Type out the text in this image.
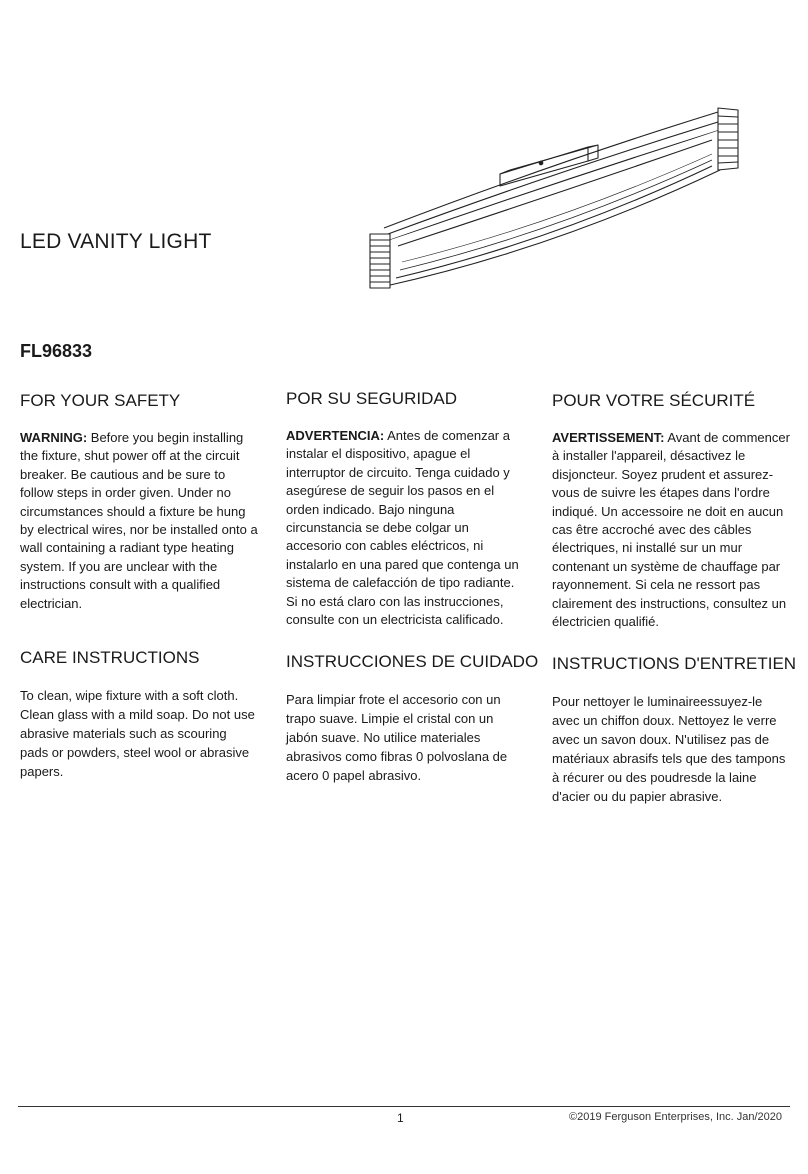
LED VANITY LIGHT
FL96833

FOR YOUR SAFETY

WARNING: Before you begin installing the fixture, shut power off at the circuit breaker. Be cautious and be sure to follow steps in order given. Under no circumstances should a fixture be hung by electrical wires, nor be installed onto a wall containing a radiant type heating system. If you are unclear with the instructions consult with a qualified electrician.

CARE INSTRUCTIONS

To clean, wipe fixture with a soft cloth. Clean glass with a mild soap. Do not use abrasive materials such as scouring pads or powders, steel wool or abrasive papers.

POR SU SEGURIDAD

ADVERTENCIA: Antes de comenzar a instalar el dispositivo, apague el interruptor de circuito. Tenga cuidado y asegúrese de seguir los pasos en el orden indicado. Bajo ninguna circunstancia se debe colgar un accesorio con cables eléctricos, ni instalarlo en una pared que contenga un sistema de calefacción de tipo radiante. Si no está claro con las instrucciones, consulte con un electricista calificado.

INSTRUCCIONES DE CUIDADO

Para limpiar frote el accesorio con un trapo suave. Limpie el cristal con un jabón suave. No utilice materiales abrasivos como fibras 0 polvoslana de acero 0 papel abrasivo.

POUR VOTRE SÉCURITÉ

AVERTISSEMENT: Avant de commencer à installer l'appareil, désactivez le disjoncteur. Soyez prudent et assurez-vous de suivre les étapes dans l'ordre indiqué. Un accessoire ne doit en aucun cas être accroché avec des câbles électriques, ni installé sur un mur contenant un système de chauffage par rayonnement. Si cela ne ressort pas clairement des instructions, consultez un électricien qualifié.

INSTRUCTIONS D'ENTRETIEN

Pour nettoyer le luminaireessuyez-le avec un chiffon doux. Nettoyez le verre avec un savon doux. N'utilisez pas de matériaux abrasifs tels que des tampons à récurer ou des poudresde la laine d'acier ou du papier abrasive.

1	©2019 Ferguson Enterprises, Inc. Jan/2020
